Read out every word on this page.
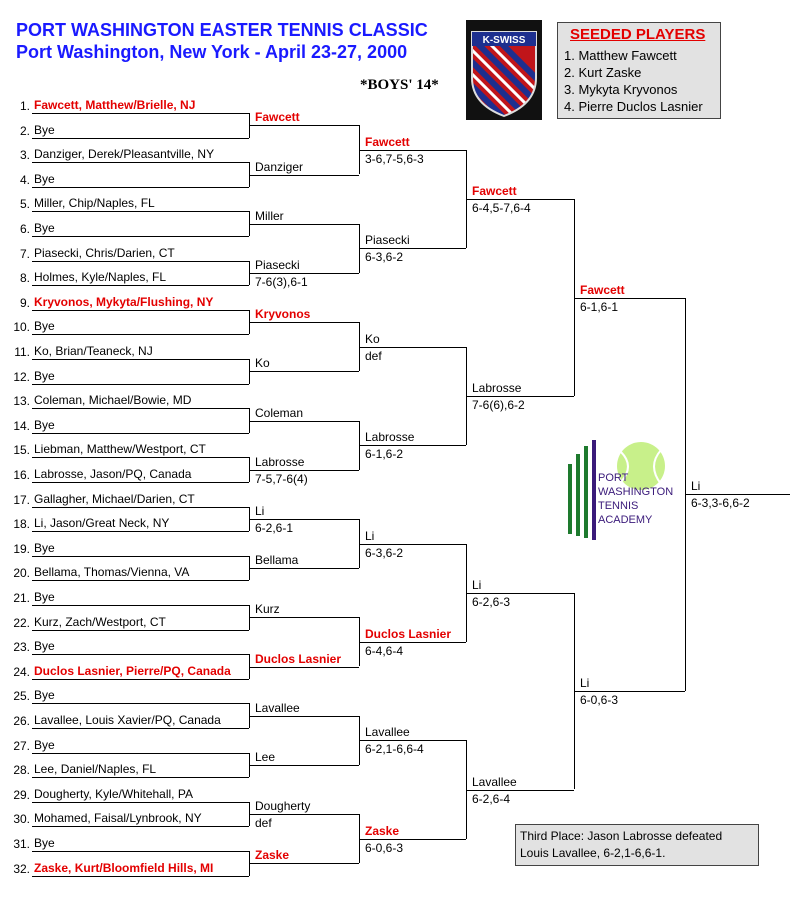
PORT WASHINGTON EASTER TENNIS CLASSIC
Port Washington, New York - April 23-27, 2000
*BOYS' 14*
K-SWISS	SEEDED PLAYERS
1. Matthew Fawcett
2. Kurt Zaske
3. Mykyta Kryvonos
4. Pierre Duclos Lasnier
1. Fawcett, Matthew/Brielle, NJ
2. Bye
3. Danziger, Derek/Pleasantville, NY
4. Bye
5. Miller, Chip/Naples, FL
6. Bye
7. Piasecki, Chris/Darien, CT
8. Holmes, Kyle/Naples, FL
9. Kryvonos, Mykyta/Flushing, NY
10. Bye
11. Ko, Brian/Teaneck, NJ
12. Bye
13. Coleman, Michael/Bowie, MD
14. Bye
15. Liebman, Matthew/Westport, CT
16. Labrosse, Jason/PQ, Canada
17. Gallagher, Michael/Darien, CT
18. Li, Jason/Great Neck, NY
19. Bye
20. Bellama, Thomas/Vienna, VA
21. Bye
22. Kurz, Zach/Westport, CT
23. Bye
24. Duclos Lasnier, Pierre/PQ, Canada
25. Bye
26. Lavallee, Louis Xavier/PQ, Canada
27. Bye
28. Lee, Daniel/Naples, FL
29. Dougherty, Kyle/Whitehall, PA
30. Mohamed, Faisal/Lynbrook, NY
31. Bye
32. Zaske, Kurt/Bloomfield Hills, MI
Fawcett
Danziger
Miller
Piasecki
7-6(3),6-1
Kryvonos
Ko
Coleman
Labrosse
7-5,7-6(4)
Li
6-2,6-1
Bellama
Kurz
Duclos Lasnier
Lavallee
Lee
Dougherty
def
Zaske
Fawcett
3-6,7-5,6-3
Piasecki
6-3,6-2
Ko
def
Labrosse
6-1,6-2
Li
6-3,6-2
Duclos Lasnier
6-4,6-4
Lavallee
6-2,1-6,6-4
Zaske
6-0,6-3
Fawcett
6-4,5-7,6-4
Labrosse
7-6(6),6-2
Li
6-2,6-3
Lavallee
6-2,6-4
Fawcett
6-1,6-1
Li
6-0,6-3
Li
6-3,3-6,6-2
PORT
WASHINGTON
TENNIS
ACADEMY
Third Place: Jason Labrosse defeated
Louis Lavallee, 6-2,1-6,6-1.
